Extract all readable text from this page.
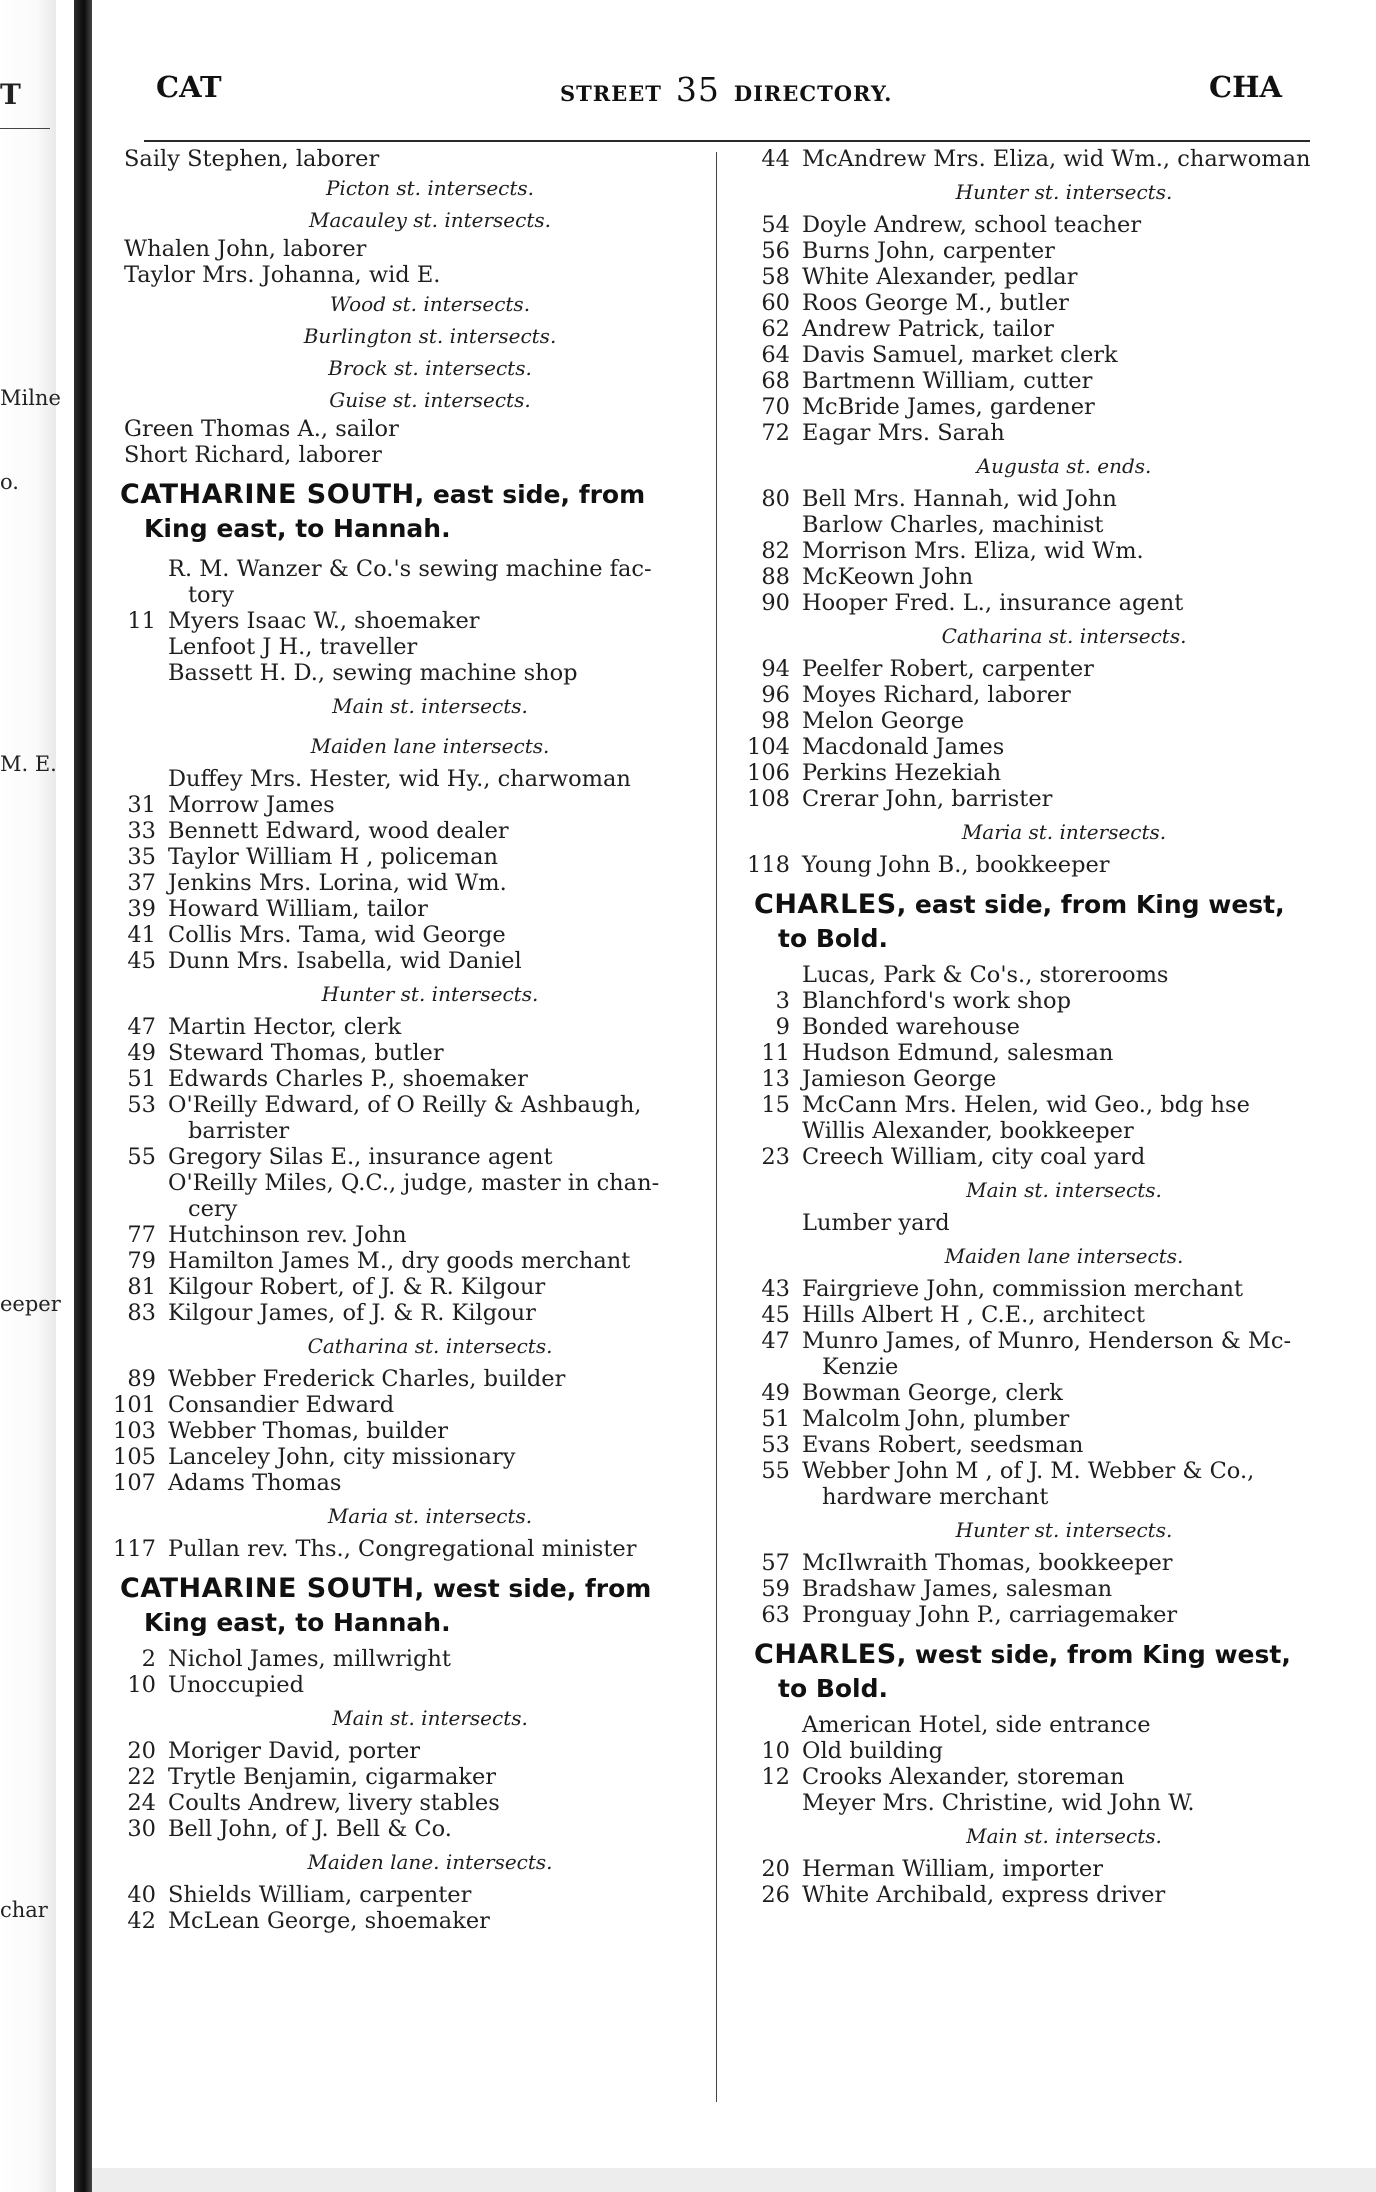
T
Milne
o.
M. E.
eeper
char
CAT	STREET 35 DIRECTORY.	CHA
Saily Stephen, laborer
Picton st. intersects.
Macauley st. intersects.
Whalen John, laborer
Taylor Mrs. Johanna, wid E.
Wood st. intersects.
Burlington st. intersects.
Brock st. intersects.
Guise st. intersects.
Green Thomas A., sailor
Short Richard, laborer
CATHARINE SOUTH, east side, from
King east, to Hannah.
R. M. Wanzer & Co.'s sewing machine fac-
tory
11 Myers Isaac W., shoemaker
Lenfoot J H., traveller
Bassett H. D., sewing machine shop
Main st. intersects.
Maiden lane intersects.
Duffey Mrs. Hester, wid Hy., charwoman
31 Morrow James
33 Bennett Edward, wood dealer
35 Taylor William H , policeman
37 Jenkins Mrs. Lorina, wid Wm.
39 Howard William, tailor
41 Collis Mrs. Tama, wid George
45 Dunn Mrs. Isabella, wid Daniel
Hunter st. intersects.
47 Martin Hector, clerk
49 Steward Thomas, butler
51 Edwards Charles P., shoemaker
53 O'Reilly Edward, of O Reilly & Ashbaugh,
barrister
55 Gregory Silas E., insurance agent
O'Reilly Miles, Q.C., judge, master in chan-
cery
77 Hutchinson rev. John
79 Hamilton James M., dry goods merchant
81 Kilgour Robert, of J. & R. Kilgour
83 Kilgour James, of J. & R. Kilgour
Catharina st. intersects.
89 Webber Frederick Charles, builder
101 Consandier Edward
103 Webber Thomas, builder
105 Lanceley John, city missionary
107 Adams Thomas
Maria st. intersects.
117 Pullan rev. Ths., Congregational minister
CATHARINE SOUTH, west side, from
King east, to Hannah.
2 Nichol James, millwright
10 Unoccupied
Main st. intersects.
20 Moriger David, porter
22 Trytle Benjamin, cigarmaker
24 Coults Andrew, livery stables
30 Bell John, of J. Bell & Co.
Maiden lane. intersects.
40 Shields William, carpenter
42 McLean George, shoemaker
44 McAndrew Mrs. Eliza, wid Wm., charwoman
Hunter st. intersects.
54 Doyle Andrew, school teacher
56 Burns John, carpenter
58 White Alexander, pedlar
60 Roos George M., butler
62 Andrew Patrick, tailor
64 Davis Samuel, market clerk
68 Bartmenn William, cutter
70 McBride James, gardener
72 Eagar Mrs. Sarah
Augusta st. ends.
80 Bell Mrs. Hannah, wid John
Barlow Charles, machinist
82 Morrison Mrs. Eliza, wid Wm.
88 McKeown John
90 Hooper Fred. L., insurance agent
Catharina st. intersects.
94 Peelfer Robert, carpenter
96 Moyes Richard, laborer
98 Melon George
104 Macdonald James
106 Perkins Hezekiah
108 Crerar John, barrister
Maria st. intersects.
118 Young John B., bookkeeper
CHARLES, east side, from King west,
to Bold.
Lucas, Park & Co's., storerooms
3 Blanchford's work shop
9 Bonded warehouse
11 Hudson Edmund, salesman
13 Jamieson George
15 McCann Mrs. Helen, wid Geo., bdg hse
Willis Alexander, bookkeeper
23 Creech William, city coal yard
Main st. intersects.
Lumber yard
Maiden lane intersects.
43 Fairgrieve John, commission merchant
45 Hills Albert H , C.E., architect
47 Munro James, of Munro, Henderson & Mc-
Kenzie
49 Bowman George, clerk
51 Malcolm John, plumber
53 Evans Robert, seedsman
55 Webber John M , of J. M. Webber & Co.,
hardware merchant
Hunter st. intersects.
57 McIlwraith Thomas, bookkeeper
59 Bradshaw James, salesman
63 Pronguay John P., carriagemaker
CHARLES, west side, from King west,
to Bold.
American Hotel, side entrance
10 Old building
12 Crooks Alexander, storeman
Meyer Mrs. Christine, wid John W.
Main st. intersects.
20 Herman William, importer
26 White Archibald, express driver
